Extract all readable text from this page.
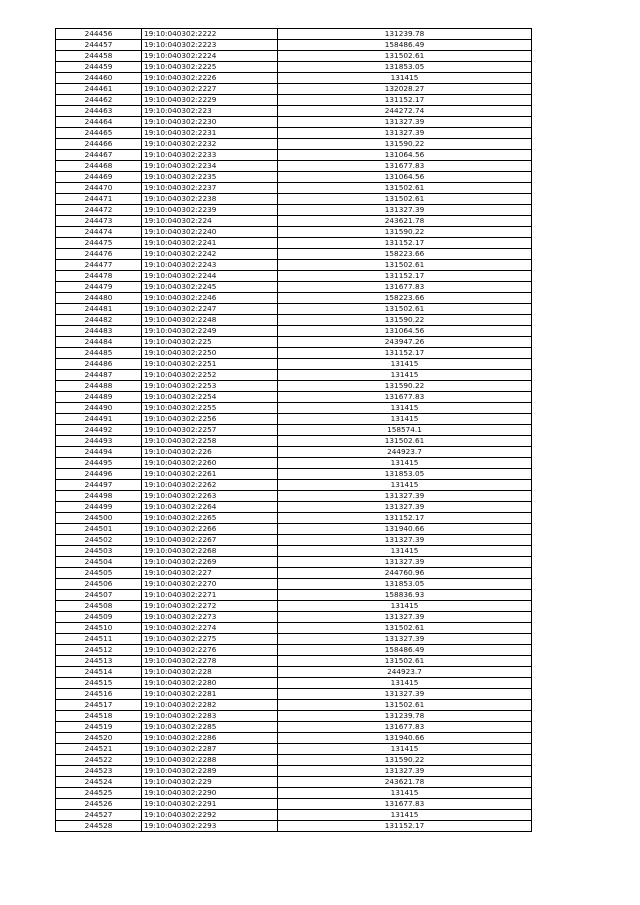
244456	19:10:040302:2222	131239.78
244457	19:10:040302:2223	158486.49
244458	19:10:040302:2224	131502.61
244459	19:10:040302:2225	131853.05
244460	19:10:040302:2226	131415
244461	19:10:040302:2227	132028.27
244462	19:10:040302:2229	131152.17
244463	19:10:040302:223	244272.74
244464	19:10:040302:2230	131327.39
244465	19:10:040302:2231	131327.39
244466	19:10:040302:2232	131590.22
244467	19:10:040302:2233	131064.56
244468	19:10:040302:2234	131677.83
244469	19:10:040302:2235	131064.56
244470	19:10:040302:2237	131502.61
244471	19:10:040302:2238	131502.61
244472	19:10:040302:2239	131327.39
244473	19:10:040302:224	243621.78
244474	19:10:040302:2240	131590.22
244475	19:10:040302:2241	131152.17
244476	19:10:040302:2242	158223.66
244477	19:10:040302:2243	131502.61
244478	19:10:040302:2244	131152.17
244479	19:10:040302:2245	131677.83
244480	19:10:040302:2246	158223.66
244481	19:10:040302:2247	131502.61
244482	19:10:040302:2248	131590.22
244483	19:10:040302:2249	131064.56
244484	19:10:040302:225	243947.26
244485	19:10:040302:2250	131152.17
244486	19:10:040302:2251	131415
244487	19:10:040302:2252	131415
244488	19:10:040302:2253	131590.22
244489	19:10:040302:2254	131677.83
244490	19:10:040302:2255	131415
244491	19:10:040302:2256	131415
244492	19:10:040302:2257	158574.1
244493	19:10:040302:2258	131502.61
244494	19:10:040302:226	244923.7
244495	19:10:040302:2260	131415
244496	19:10:040302:2261	131853.05
244497	19:10:040302:2262	131415
244498	19:10:040302:2263	131327.39
244499	19:10:040302:2264	131327.39
244500	19:10:040302:2265	131152.17
244501	19:10:040302:2266	131940.66
244502	19:10:040302:2267	131327.39
244503	19:10:040302:2268	131415
244504	19:10:040302:2269	131327.39
244505	19:10:040302:227	244760.96
244506	19:10:040302:2270	131853.05
244507	19:10:040302:2271	158836.93
244508	19:10:040302:2272	131415
244509	19:10:040302:2273	131327.39
244510	19:10:040302:2274	131502.61
244511	19:10:040302:2275	131327.39
244512	19:10:040302:2276	158486.49
244513	19:10:040302:2278	131502.61
244514	19:10:040302:228	244923.7
244515	19:10:040302:2280	131415
244516	19:10:040302:2281	131327.39
244517	19:10:040302:2282	131502.61
244518	19:10:040302:2283	131239.78
244519	19:10:040302:2285	131677.83
244520	19:10:040302:2286	131940.66
244521	19:10:040302:2287	131415
244522	19:10:040302:2288	131590.22
244523	19:10:040302:2289	131327.39
244524	19:10:040302:229	243621.78
244525	19:10:040302:2290	131415
244526	19:10:040302:2291	131677.83
244527	19:10:040302:2292	131415
244528	19:10:040302:2293	131152.17
